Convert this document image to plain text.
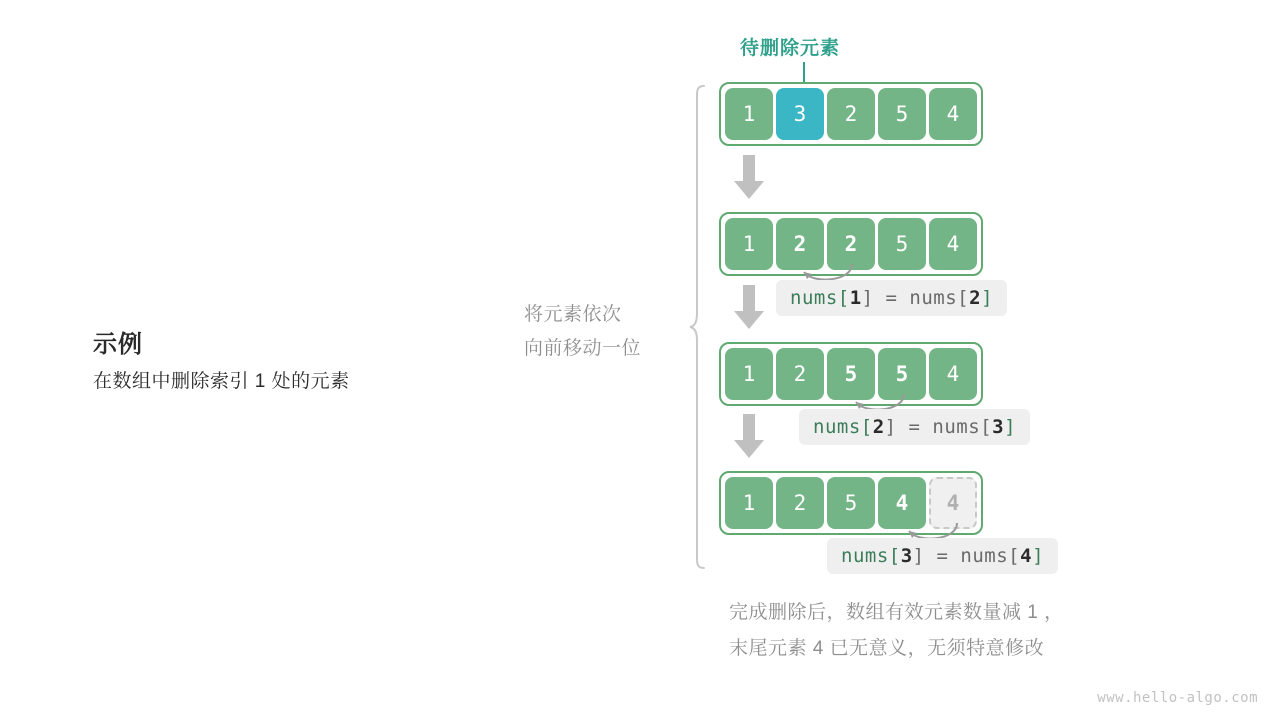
示例
在数组中删除索引 1 处的元素
将元素依次
向前移动一位
待删除元素
1	3	2	5	4
1	2	2	5	4
nums[1] = nums[2]
1	2	5	5	4
nums[2] = nums[3]
1	2	5	4	4
nums[3] = nums[4]
完成删除后，数组有效元素数量减 1 ，
末尾元素 4 已无意义，无须特意修改
www.hello-algo.com
